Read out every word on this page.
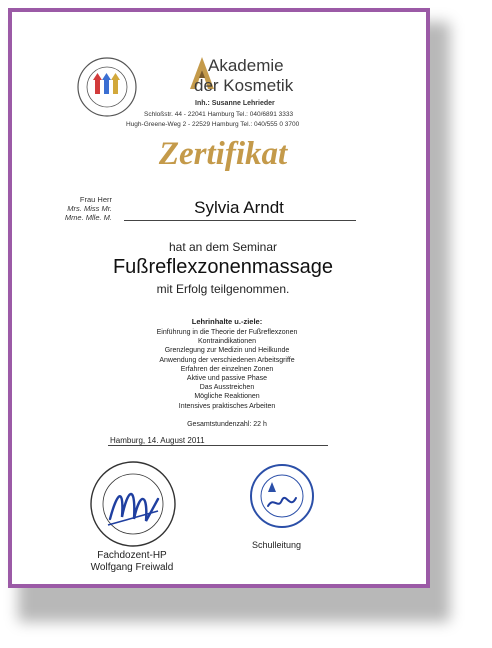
Akademie
der Kosmetik
Inh.: Susanne Lehrieder
Schloßstr. 44 - 22041 Hamburg Tel.: 040/6891 3333
Hugh-Greene-Weg 2 - 22529 Hamburg Tel.: 040/555 0 3700
Zertifikat
Frau Herr
Mrs. Miss Mr.
Mme. Mlle. M.
Sylvia Arndt
hat an dem Seminar
Fußreflexzonenmassage
mit Erfolg teilgenommen.
Lehrinhalte u.-ziele:
Einführung in die Theorie der Fußreflexzonen
Kontraindikationen
Grenzlegung zur Medizin und Heilkunde
Anwendung der verschiedenen Arbeitsgriffe
Erfahren der einzelnen Zonen
Aktive und passive Phase
Das Ausstreichen
Mögliche Reaktionen
Intensives praktisches Arbeiten
Gesamtstundenzahl: 22 h
Hamburg, 14. August 2011
Fachdozent-HP
Wolfgang Freiwald
Schulleitung
